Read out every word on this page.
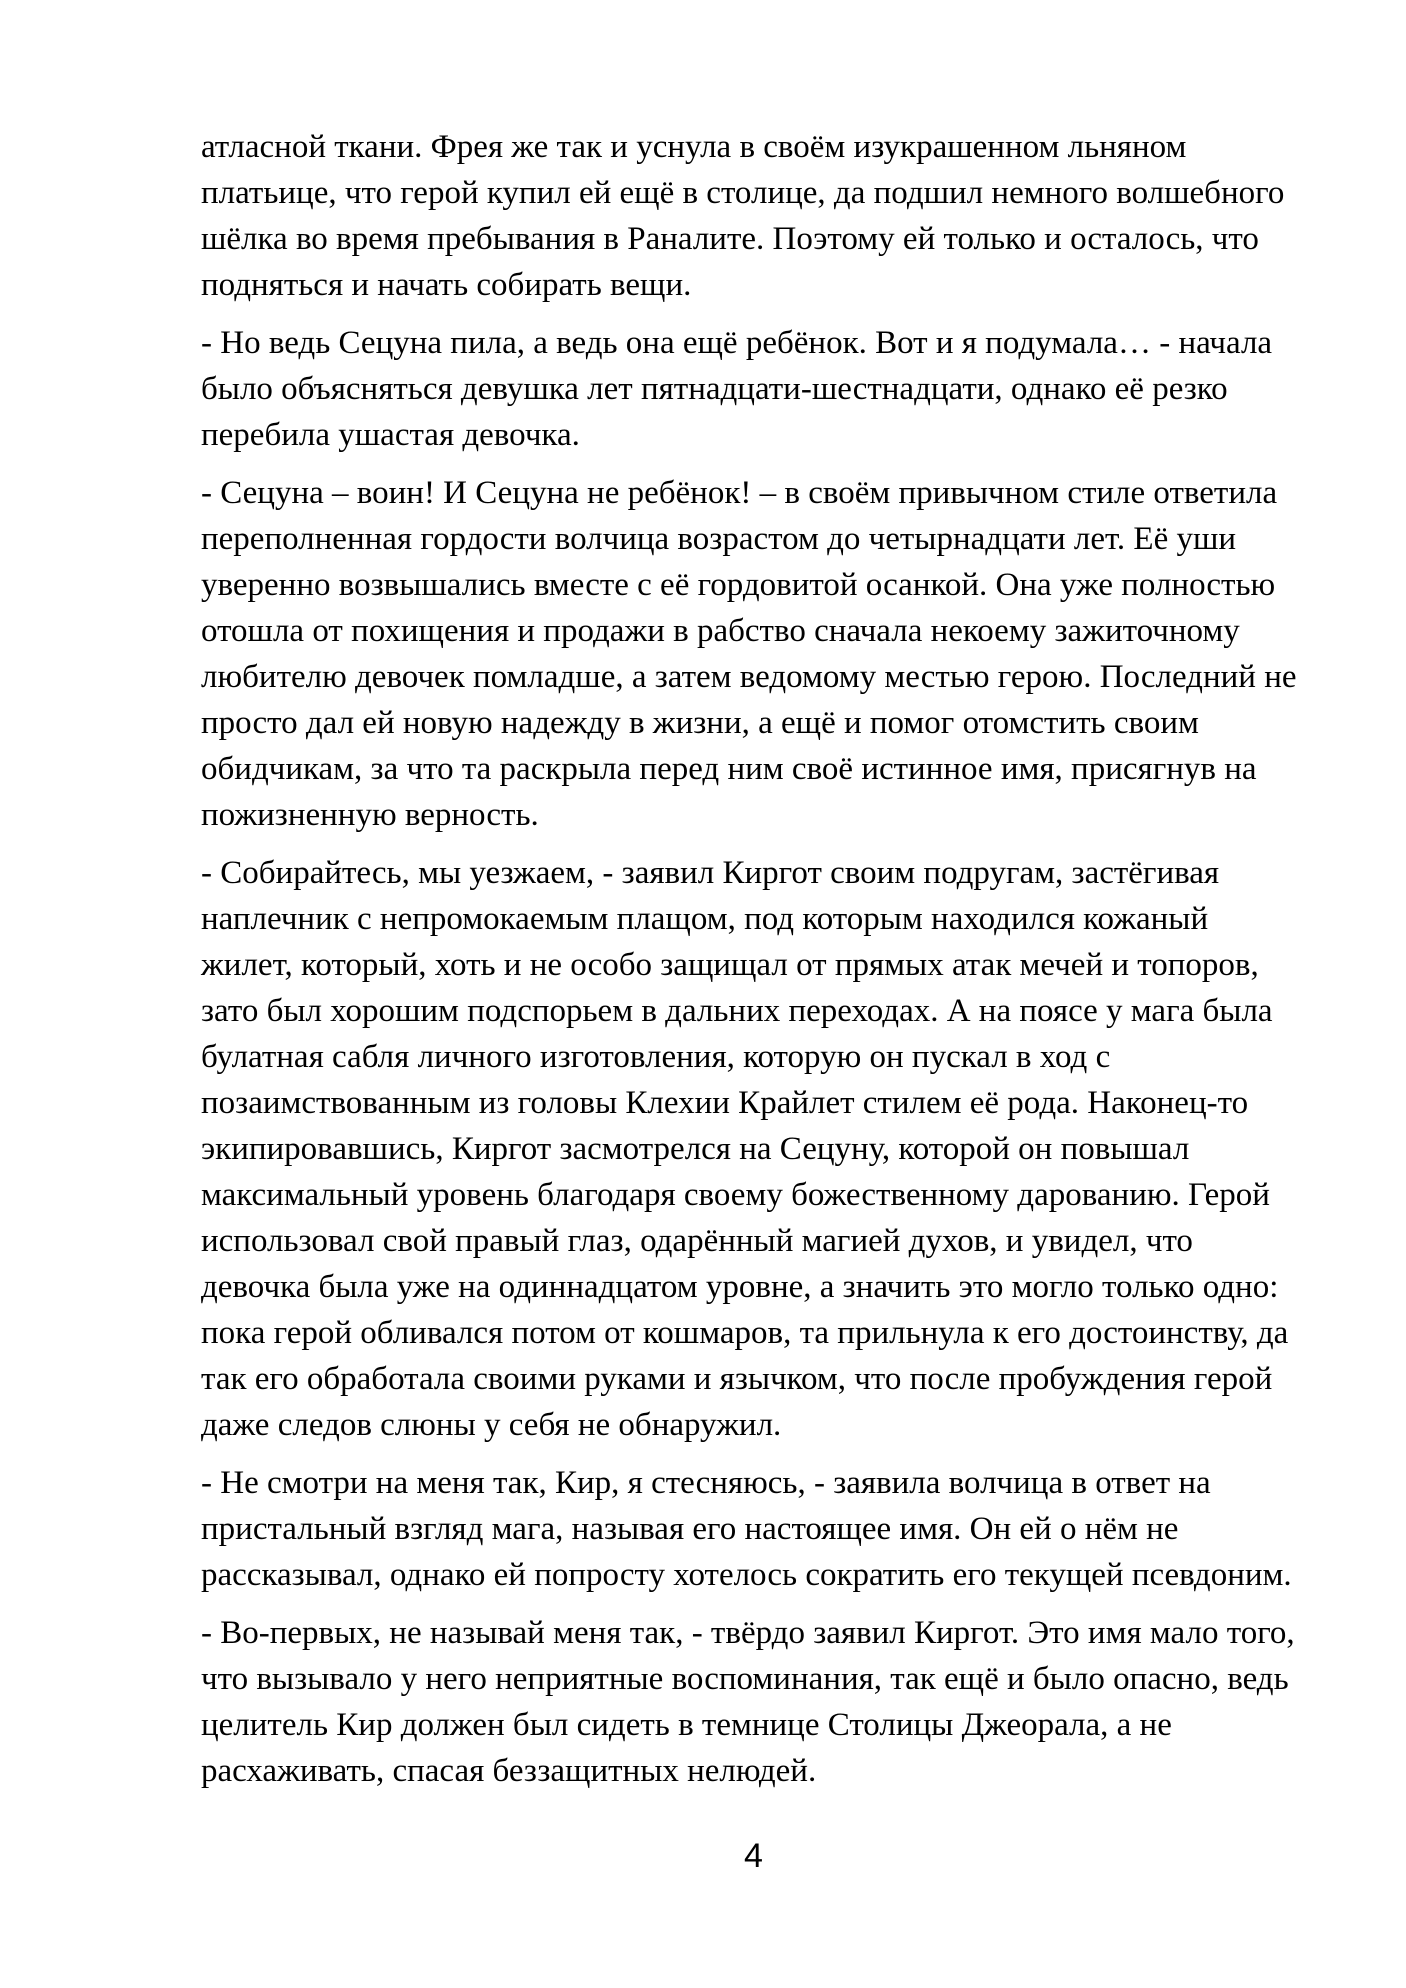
атласной ткани. Фрея же так и уснула в своём изукрашенном льняном
платьице, что герой купил ей ещё в столице, да подшил немного волшебного
шёлка во время пребывания в Раналите. Поэтому ей только и осталось, что
подняться и начать собирать вещи.

- Но ведь Сецуна пила, а ведь она ещё ребёнок. Вот и я подумала… - начала
было объясняться девушка лет пятнадцати-шестнадцати, однако её резко
перебила ушастая девочка.

- Сецуна – воин! И Сецуна не ребёнок! – в своём привычном стиле ответила
переполненная гордости волчица возрастом до четырнадцати лет. Её уши
уверенно возвышались вместе с её гордовитой осанкой. Она уже полностью
отошла от похищения и продажи в рабство сначала некоему зажиточному
любителю девочек помладше, а затем ведомому местью герою. Последний не
просто дал ей новую надежду в жизни, а ещё и помог отомстить своим
обидчикам, за что та раскрыла перед ним своё истинное имя, присягнув на
пожизненную верность.

- Собирайтесь, мы уезжаем, - заявил Киргот своим подругам, застёгивая
наплечник с непромокаемым плащом, под которым находился кожаный
жилет, который, хоть и не особо защищал от прямых атак мечей и топоров,
зато был хорошим подспорьем в дальних переходах. А на поясе у мага была
булатная сабля личного изготовления, которую он пускал в ход с
позаимствованным из головы Клехии Крайлет стилем её рода. Наконец-то
экипировавшись, Киргот засмотрелся на Сецуну, которой он повышал
максимальный уровень благодаря своему божественному дарованию. Герой
использовал свой правый глаз, одарённый магией духов, и увидел, что
девочка была уже на одиннадцатом уровне, а значить это могло только одно:
пока герой обливался потом от кошмаров, та прильнула к его достоинству, да
так его обработала своими руками и язычком, что после пробуждения герой
даже следов слюны у себя не обнаружил.

- Не смотри на меня так, Кир, я стесняюсь, - заявила волчица в ответ на
пристальный взгляд мага, называя его настоящее имя. Он ей о нём не
рассказывал, однако ей попросту хотелось сократить его текущей псевдоним.

- Во-первых, не называй меня так, - твёрдо заявил Киргот. Это имя мало того,
что вызывало у него неприятные воспоминания, так ещё и было опасно, ведь
целитель Кир должен был сидеть в темнице Столицы Джеорала, а не
расхаживать, спасая беззащитных нелюдей.

4
